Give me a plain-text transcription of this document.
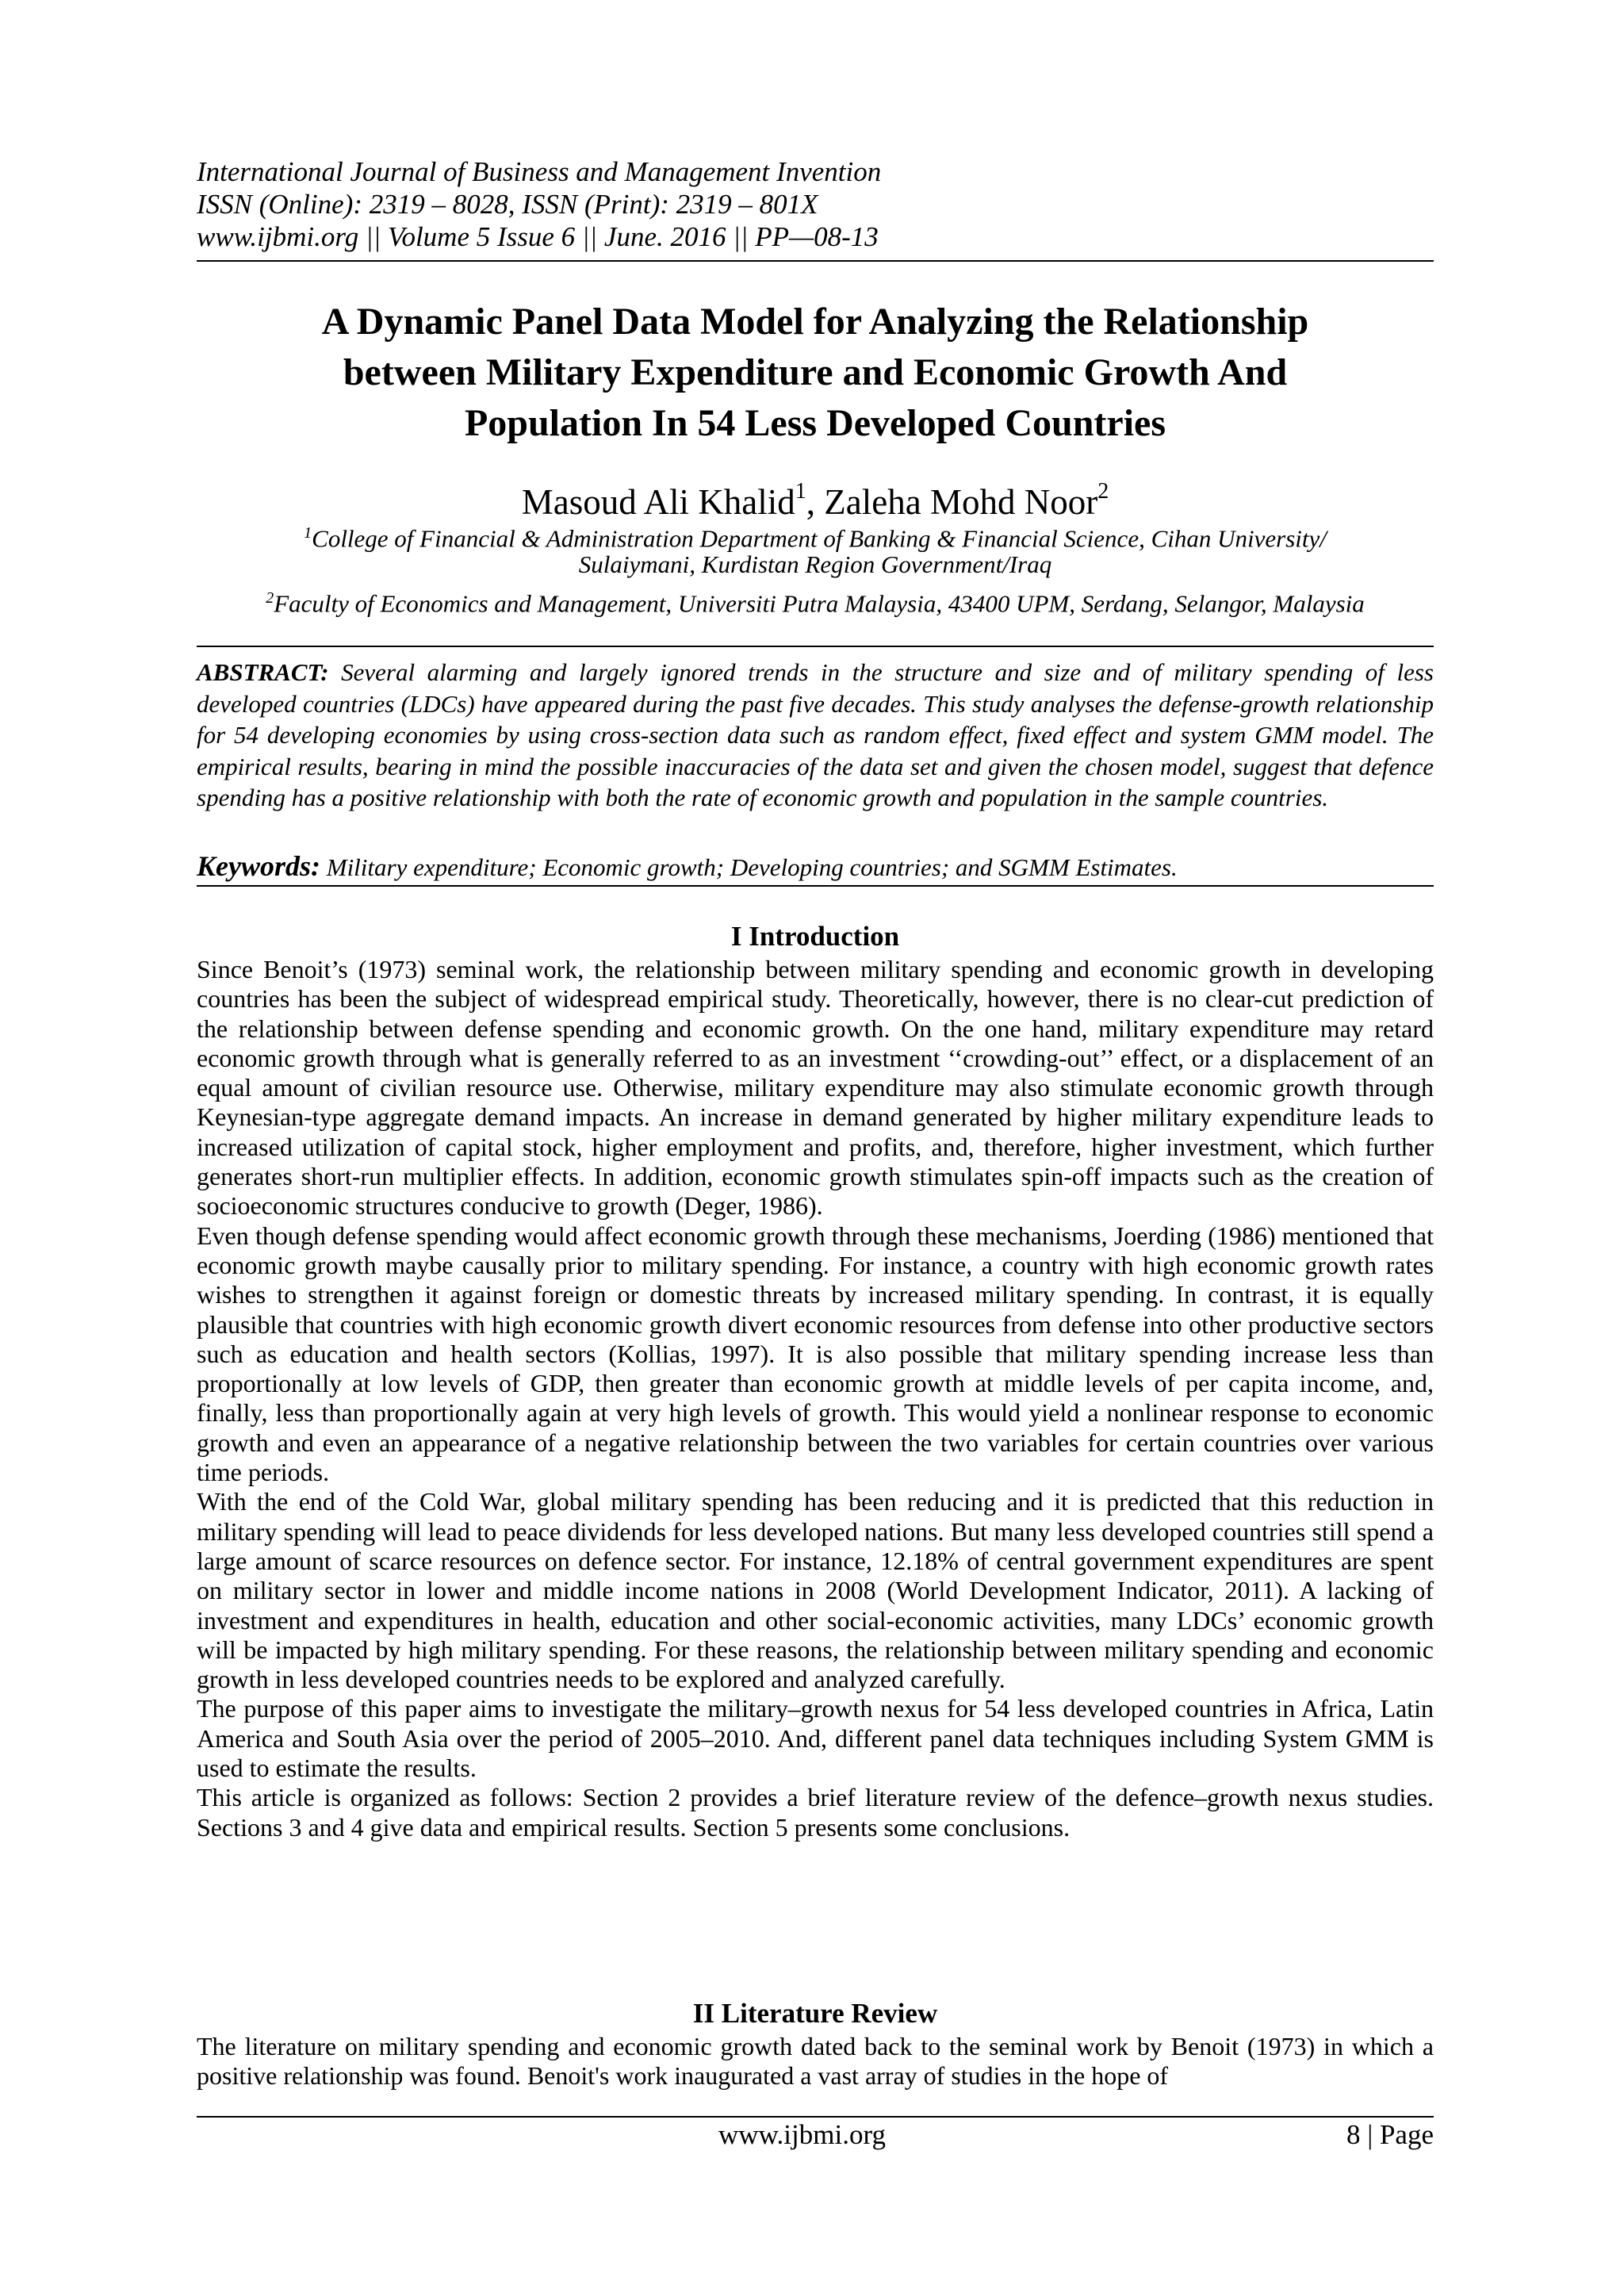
International Journal of Business and Management Invention
ISSN (Online): 2319 – 8028, ISSN (Print): 2319 – 801X
www.ijbmi.org || Volume 5 Issue 6 || June. 2016 || PP—08-13
A Dynamic Panel Data Model for Analyzing the Relationship
between Military Expenditure and Economic Growth And
Population In 54 Less Developed Countries
Masoud Ali Khalid$^1$, Zaleha Mohd Noor$^2$
$^1$College of Financial & Administration Department of Banking & Financial Science, Cihan University/
Sulaiymani, Kurdistan Region Government/Iraq
$^2$Faculty of Economics and Management, Universiti Putra Malaysia, 43400 UPM, Serdang, Selangor, Malaysia
ABSTRACT: Several alarming and largely ignored trends in the structure and size and of military spending of less developed countries (LDCs) have appeared during the past five decades. This study analyses the defense-growth relationship for 54 developing economies by using cross-section data such as random effect, fixed effect and system GMM model. The empirical results, bearing in mind the possible inaccuracies of the data set and given the chosen model, suggest that defence spending has a positive relationship with both the rate of economic growth and population in the sample countries.
Keywords: Military expenditure; Economic growth; Developing countries; and SGMM Estimates.
I Introduction

Since Benoit’s (1973) seminal work, the relationship between military spending and economic growth in developing countries has been the subject of widespread empirical study. Theoretically, however, there is no clear-cut prediction of the relationship between defense spending and economic growth. On the one hand, military expenditure may retard economic growth through what is generally referred to as an investment ‘‘crowding-out’’ effect, or a displacement of an equal amount of civilian resource use. Otherwise, military expenditure may also stimulate economic growth through Keynesian-type aggregate demand impacts. An increase in demand generated by higher military expenditure leads to increased utilization of capital stock, higher employment and profits, and, therefore, higher investment, which further generates short-run multiplier effects. In addition, economic growth stimulates spin-off impacts such as the creation of socioeconomic structures conducive to growth (Deger, 1986).

Even though defense spending would affect economic growth through these mechanisms, Joerding (1986) mentioned that economic growth maybe causally prior to military spending. For instance, a country with high economic growth rates wishes to strengthen it against foreign or domestic threats by increased military spending. In contrast, it is equally plausible that countries with high economic growth divert economic resources from defense into other productive sectors such as education and health sectors (Kollias, 1997). It is also possible that military spending increase less than proportionally at low levels of GDP, then greater than economic growth at middle levels of per capita income, and, finally, less than proportionally again at very high levels of growth. This would yield a nonlinear response to economic growth and even an appearance of a negative relationship between the two variables for certain countries over various time periods.

With the end of the Cold War, global military spending has been reducing and it is predicted that this reduction in military spending will lead to peace dividends for less developed nations. But many less developed countries still spend a large amount of scarce resources on defence sector. For instance, 12.18% of central government expenditures are spent on military sector in lower and middle income nations in 2008 (World Development Indicator, 2011). A lacking of investment and expenditures in health, education and other social-economic activities, many LDCs’ economic growth will be impacted by high military spending. For these reasons, the relationship between military spending and economic growth in less developed countries needs to be explored and analyzed carefully.

The purpose of this paper aims to investigate the military–growth nexus for 54 less developed countries in Africa, Latin America and South Asia over the period of 2005–2010. And, different panel data techniques including System GMM is used to estimate the results.

This article is organized as follows: Section 2 provides a brief literature review of the defence–growth nexus studies. Sections 3 and 4 give data and empirical results. Section 5 presents some conclusions.

II Literature Review

The literature on military spending and economic growth dated back to the seminal work by Benoit (1973) in which a positive relationship was found. Benoit's work inaugurated a vast array of studies in the hope of

www.ijbmi.org	8 | Page
